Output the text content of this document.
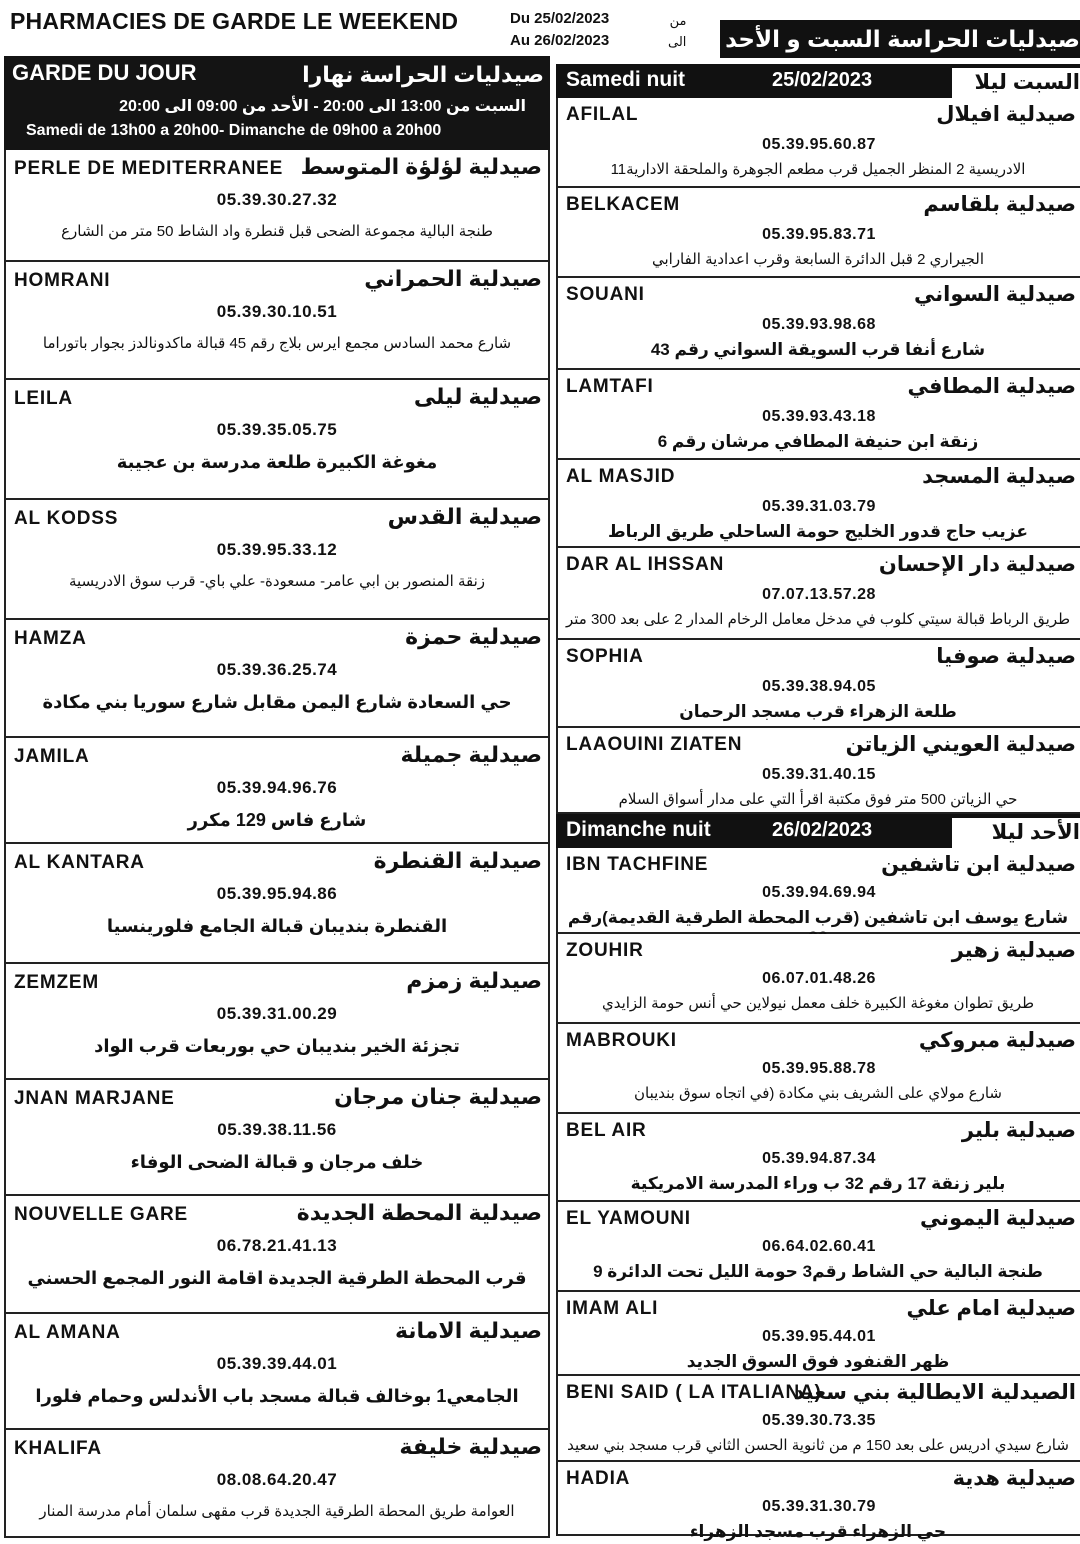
PHARMACIES DE GARDE LE WEEKEND	Du 25/02/2023
Au 26/02/2023
من
الى صيدليات الحراسة السبت و الأحد
GARDE DU JOUR	صيدليات الحراسة نهارا
السبت من 13:00 الى 20:00 - الأحد من 09:00 الى 20:00
Samedi de 13h00 a 20h00- Dimanche de 09h00 a 20h00
PERLE DE MEDITERRANEE صيدلية لؤلؤة المتوسط
05.39.30.27.32
طنجة البالية مجموعة الضحى قبل قنطرة واد الشاط 50 متر من الشارع
HOMRANI	صيدلية الحمراني
05.39.30.10.51
شارع محمد السادس مجمع ايرس بلاج رقم 45 قبالة ماكدونالدز بجوار باتوراما
LEILA	صيدلية ليلى
05.39.35.05.75
مغوغة الكبيرة طلعة مدرسة بن عجيبة
AL KODSS	صيدلية القدس
05.39.95.33.12
زنقة المنصور بن ابي عامر- مسعودة- علي باي- قرب سوق الادريسية
HAMZA	صيدلية حمزة
05.39.36.25.74
حي السعادة شارع اليمن مقابل شارع سوريا بني مكادة
JAMILA	صيدلية جميلة
05.39.94.96.76
شارع فاس 129 مكرر
AL KANTARA	صيدلية القنطرة
05.39.95.94.86
القنطرة بنديبان قبالة الجامع فلورينسيا
ZEMZEM	صيدلية زمزم
05.39.31.00.29
تجزئة الخير بنديبان حي بوربعات قرب الواد
JNAN MARJANE	صيدلية جنان مرجان
05.39.38.11.56
خلف مرجان و قبالة الضحى الوفاء
NOUVELLE GARE	صيدلية المحطة الجديدة
06.78.21.41.13
قرب المحطة الطرقية الجديدة اقامة النور المجمع الحسني
AL AMANA	صيدلية الامانة
05.39.39.44.01
الجامعي1 بوخالف قبالة مسجد باب الأندلس وحمام فلورا
KHALIFA	صيدلية خليفة
08.08.64.20.47
العوامة طريق المحطة الطرقية الجديدة قرب مقهى سلمان أمام مدرسة المنار
Samedi nuit	25/02/2023	السبت ليلا
AFILAL	صيدلية افيلال
05.39.95.60.87
الادريسية 2 المنظر الجميل قرب مطعم الجوهرة والملحقة الادارية11
BELKACEM	صيدلية بلقاسم
05.39.95.83.71
الجيراري 2 قبل الدائرة السابعة وقرب اعدادية الفارابي
SOUANI	صيدلية السواني
05.39.93.98.68
شارع أنفا قرب السويقة السواني رقم 43
LAMTAFI	صيدلية المطافي
05.39.93.43.18
زنقة ابن حنيفة المطافي مرشان رقم 6
AL MASJID	صيدلية المسجد
05.39.31.03.79
عزيب حاج قدور الخليج حومة الساحلي طريق الرباط
DAR AL IHSSAN	صيدلية دار الإحسان
07.07.13.57.28
طريق الرباط قبالة سيتي كلوب في مدخل معامل الرخام المدار 2 على بعد 300 متر
SOPHIA	صيدلية صوفيا
05.39.38.94.05
طلعة الزهراء قرب مسجد الرحمان
LAAOUINI ZIATEN	صيدلية العويني الزياتن
05.39.31.40.15
حي الزياتن 500 متر فوق مكتبة اقرأ التي على مدار أسواق السلام
Dimanche nuit	26/02/2023	الأحد ليلا
IBN TACHFINE	صيدلية ابن تاشفين
05.39.94.69.94
شارع يوسف ابن تاشفين (قرب المحطة الطرقية القديمة)رقم
ZOUHIR	صيدلية زهير
06.07.01.48.26
طريق تطوان مغوغة الكبيرة خلف معمل نيولاين حي أنس حومة الزايدي
MABROUKI	صيدلية مبروكي
05.39.95.88.78
شارع مولاي على الشريف بني مكادة (في اتجاه سوق بنديبان
BEL AIR	صيدلية بلير
05.39.94.87.34
بلير زنقة 17 رقم 32 ب وراء المدرسة الامريكية
EL YAMOUNI	صيدلية اليموني
06.64.02.60.41
طنجة البالية حي الشاط رقم3 حومة الليل تحت الدائرة 9
IMAM ALI	صيدلية امام علي
05.39.95.44.01
ظهر القنفود فوق السوق الجديد
BENI SAID ( LA ITALIANA)
الصيدلية الايطالية بني سعيد
05.39.30.73.35
شارع سيدي ادريس على بعد 150 م من ثانوية الحسن الثاني قرب مسجد بني سعيد
HADIA	صيدلية هدية
05.39.31.30.79
حي الزهراء قرب مسجد الزهراء
